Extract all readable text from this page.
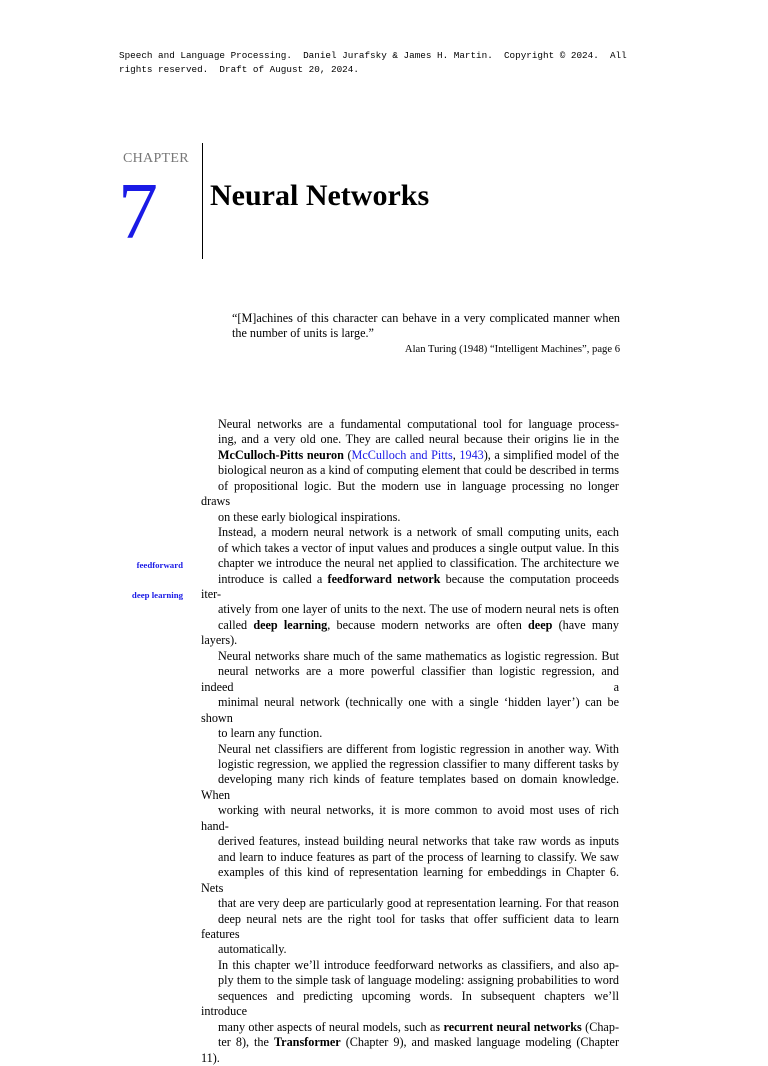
Speech and Language Processing.  Daniel Jurafsky & James H. Martin.  Copyright © 2024.  All
rights reserved.  Draft of August 20, 2024.
CHAPTER
7 Neural Networks
“[M]achines of this character can behave in a very complicated manner when
the number of units is large.”
Alan Turing (1948) “Intelligent Machines”, page 6
feedforward
deep learning

Neural networks are a fundamental computational tool for language process-
ing, and a very old one. They are called neural because their origins lie in the
McCulloch-Pitts neuron (McCulloch and Pitts, 1943), a simplified model of the
biological neuron as a kind of computing element that could be described in terms
of propositional logic. But the modern use in language processing no longer draws
on these early biological inspirations.

Instead, a modern neural network is a network of small computing units, each
of which takes a vector of input values and produces a single output value. In this
chapter we introduce the neural net applied to classification. The architecture we
introduce is called a feedforward network because the computation proceeds iter-
atively from one layer of units to the next. The use of modern neural nets is often
called deep learning, because modern networks are often deep (have many layers).

Neural networks share much of the same mathematics as logistic regression. But
neural networks are a more powerful classifier than logistic regression, and indeed a
minimal neural network (technically one with a single ‘hidden layer’) can be shown
to learn any function.

Neural net classifiers are different from logistic regression in another way. With
logistic regression, we applied the regression classifier to many different tasks by
developing many rich kinds of feature templates based on domain knowledge. When
working with neural networks, it is more common to avoid most uses of rich hand-
derived features, instead building neural networks that take raw words as inputs
and learn to induce features as part of the process of learning to classify. We saw
examples of this kind of representation learning for embeddings in Chapter 6. Nets
that are very deep are particularly good at representation learning. For that reason
deep neural nets are the right tool for tasks that offer sufficient data to learn features
automatically.

In this chapter we’ll introduce feedforward networks as classifiers, and also ap-
ply them to the simple task of language modeling: assigning probabilities to word
sequences and predicting upcoming words. In subsequent chapters we’ll introduce
many other aspects of neural models, such as recurrent neural networks (Chap-
ter 8), the Transformer (Chapter 9), and masked language modeling (Chapter 11).
